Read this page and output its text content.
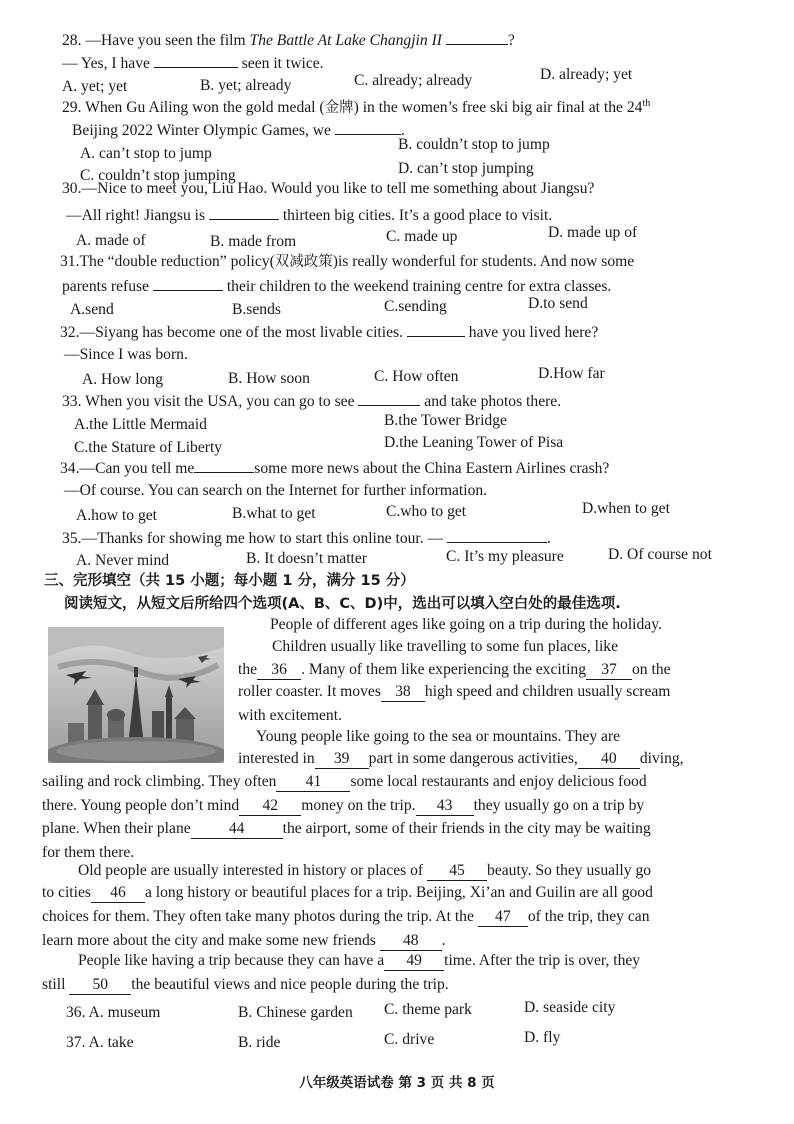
28. —Have you seen the film The Battle At Lake Changjin II	?
— Yes, I have	seen it twice.
A. yet; yet	B. yet; already	C. already; already	D. already; yet
29. When Gu Ailing won the gold medal (金牌) in the women’s free ski big air final at the 24th
Beijing 2022 Winter Olympic Games, we	.
A. can’t stop to jump
B. couldn’t stop to jump
C. couldn’t stop jumping	D. can’t stop jumping
30.—Nice to meet you, Liu Hao. Would you like to tell me something about Jiangsu?
—All right! Jiangsu is	thirteen big cities. It’s a good place to visit.
A. made of	B. made from	C. made up	D. made up of
31.The “double reduction” policy(双减政策)is really wonderful for students. And now some
parents refuse	their children to the weekend training centre for extra classes.
A.send	B.sends	C.sending	D.to send
32.—Siyang has become one of the most livable cities.	have you lived here?
—Since I was born.
A. How long	B. How soon	C. How often	D.How far
33. When you visit the USA, you can go to see	and take photos there.
A.the Little Mermaid	B.the Tower Bridge
C.the Stature of Liberty	D.the Leaning Tower of Pisa
34.—Can you tell me	some more news about the China Eastern Airlines crash?
—Of course. You can search on the Internet for further information.
A.how to get	B.what to get	C.who to get	D.when to get
35.—Thanks for showing me how to start this online tour. —	.
A. Never mind	B. It doesn’t matter	C. It’s my pleasure	D. Of course not
三、完形填空（共 15 小题；每小题 1 分，满分 15 分）
阅读短文，从短文后所给四个选项(A、B、C、D)中，选出可以填入空白处的最佳选项.
People of different ages like going on a trip during the holiday.
Children usually like travelling to some fun places, like
the 36 . Many of them like experiencing the exciting 37 on the
roller coaster. It moves 38 high speed and children usually scream
with excitement.
Young people like going to the sea or mountains. They are
interested in 39 part in some dangerous activities, 40 diving,
sailing and rock climbing. They often 41 some local restaurants and enjoy delicious food
there. Young people don’t mind 42 money on the trip. 43 they usually go on a trip by
plane. When their plane 44 the airport, some of their friends in the city may be waiting
for them there.
Old people are usually interested in history or places of 45 beauty. So they usually go
to cities 46 a long history or beautiful places for a trip. Beijing, Xi’an and Guilin are all good
choices for them. They often take many photos during the trip. At the 47 of the trip, they can
learn more about the city and make some new friends 48 .
People like having a trip because they can have a 49 time. After the trip is over, they
still 50 the beautiful views and nice people during the trip.
36. A. museum	B. Chinese garden C. theme park	D. seaside city
37. A. take	B. ride	C. drive	D. fly
八年级英语试卷 第 3 页 共 8 页
